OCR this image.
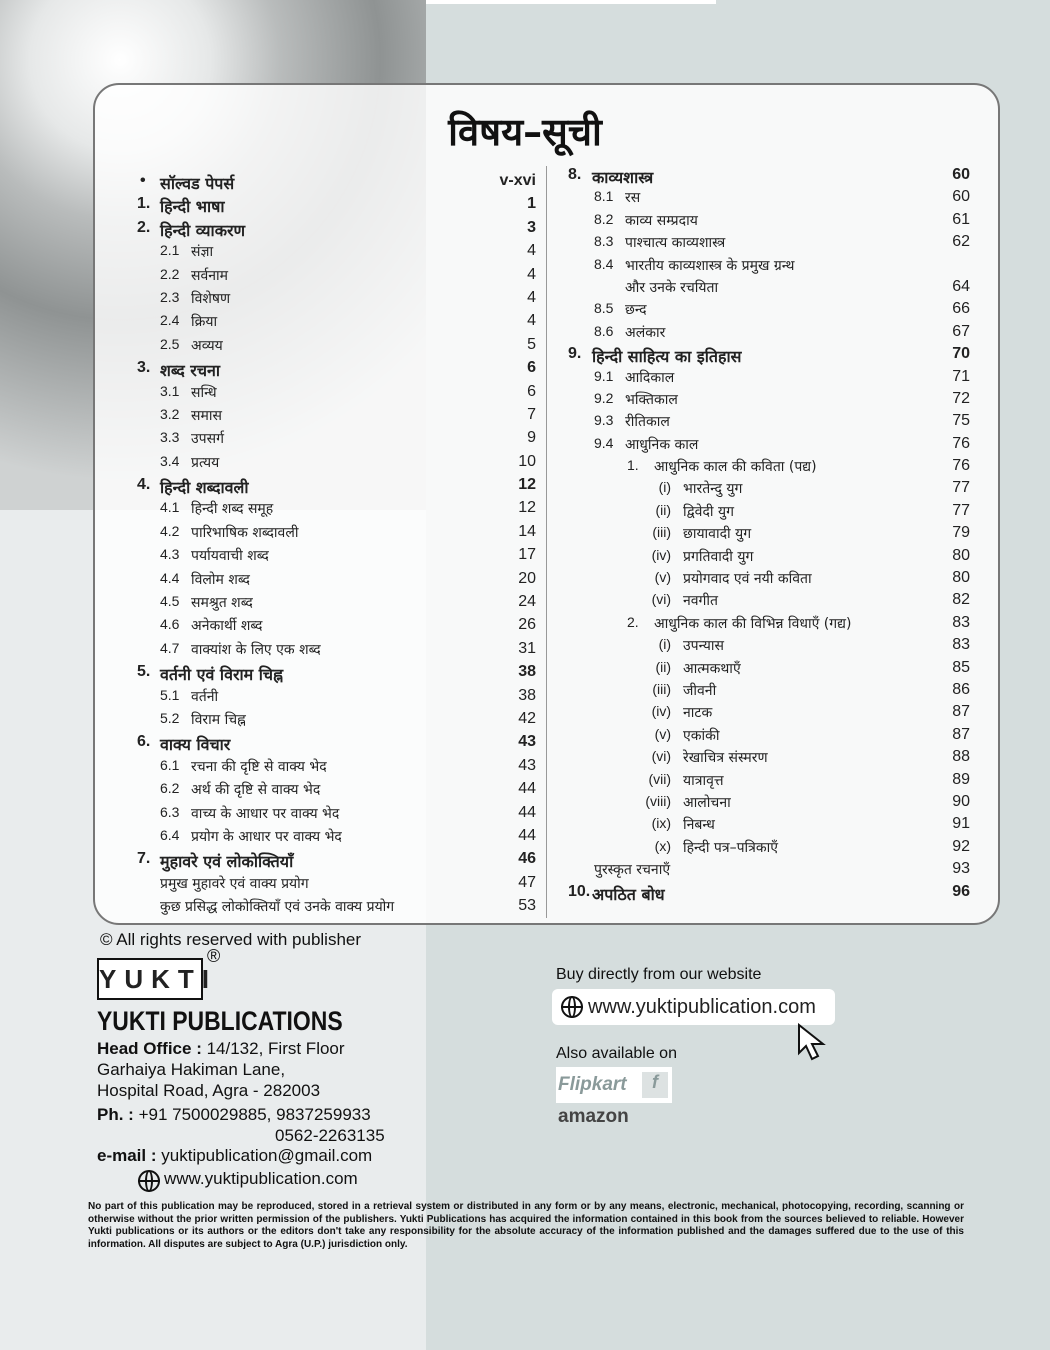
विषय–सूची
• सॉल्वड पेपर्स	v-xvi
1. हिन्दी भाषा	1
2. हिन्दी व्याकरण	3
2.1 संज्ञा	4
2.2 सर्वनाम	4
2.3 विशेषण	4
2.4 क्रिया	4
2.5 अव्यय	5
3. शब्द रचना	6
3.1 सन्धि	6
3.2 समास	7
3.3 उपसर्ग	9
3.4 प्रत्यय	10
4. हिन्दी शब्दावली	12
4.1 हिन्दी शब्द समूह	12
4.2 पारिभाषिक शब्दावली	14
4.3 पर्यायवाची शब्द	17
4.4 विलोम शब्द	20
4.5 समश्रुत शब्द	24
4.6 अनेकार्थी शब्द	26
4.7 वाक्यांश के लिए एक शब्द	31
5. वर्तनी एवं विराम चिह्न	38
5.1 वर्तनी	38
5.2 विराम चिह्न	42
6. वाक्य विचार	43
6.1 रचना की दृष्टि से वाक्य भेद	43
6.2 अर्थ की दृष्टि से वाक्य भेद	44
6.3 वाच्य के आधार पर वाक्य भेद	44
6.4 प्रयोग के आधार पर वाक्य भेद	44
7. मुहावरे एवं लोकोक्तियाँ	46
प्रमुख मुहावरे एवं वाक्य प्रयोग	47
कुछ प्रसिद्ध लोकोक्तियाँ एवं उनके वाक्य प्रयोग	53
8. काव्यशास्त्र	60
8.1 रस	60
8.2 काव्य सम्प्रदाय	61
8.3 पाश्चात्य काव्यशास्त्र	62
8.4 भारतीय काव्यशास्त्र के प्रमुख ग्रन्थ
और उनके रचयिता	64
8.5 छन्द	66
8.6 अलंकार	67
9. हिन्दी साहित्य का इतिहास	70
9.1 आदिकाल	71
9.2 भक्तिकाल	72
9.3 रीतिकाल	75
9.4 आधुनिक काल	76
1. आधुनिक काल की कविता (पद्य)	76
(i) भारतेन्दु युग	77
(ii) द्विवेदी युग	77
(iii) छायावादी युग	79
(iv) प्रगतिवादी युग	80
(v) प्रयोगवाद एवं नयी कविता	80
(vi) नवगीत	82
2. आधुनिक काल की विभिन्न विधाएँ (गद्य)	83
(i) उपन्यास	83
(ii) आत्मकथाएँ	85
(iii) जीवनी	86
(iv) नाटक	87
(v) एकांकी	87
(vi) रेखाचित्र संस्मरण	88
(vii) यात्रावृत्त	89
(viii) आलोचना	90
(ix) निबन्ध	91
(x) हिन्दी पत्र–पत्रिकाएँ	92
पुरस्कृत रचनाएँ	93
10. अपठित बोध	96
© All rights reserved with publisher
YUKTI
®
YUKTI PUBLICATIONS
Head Office : 14/132, First Floor
Garhaiya Hakiman Lane,
Hospital Road, Agra - 282003
Ph. : +91 7500029885, 9837259933
0562-2263135
e-mail : yuktipublication@gmail.com
www.yuktipublication.com
Buy directly from our website
www.yuktipublication.com
Also available on
Flipkart	f
amazon
No part of this publication may be reproduced, stored in a retrieval system or distributed in any form or by any means, electronic, mechanical, photocopying, recording, scanning or otherwise without the prior written permission of the publishers. Yukti Publications has acquired the information contained in this book from the sources believed to reliable. However Yukti publications or its authors or the editors don't take any responsibility for the absolute accuracy of the information published and the damages suffered due to the use of this information. All disputes are subject to Agra (U.P.) jurisdiction only.
